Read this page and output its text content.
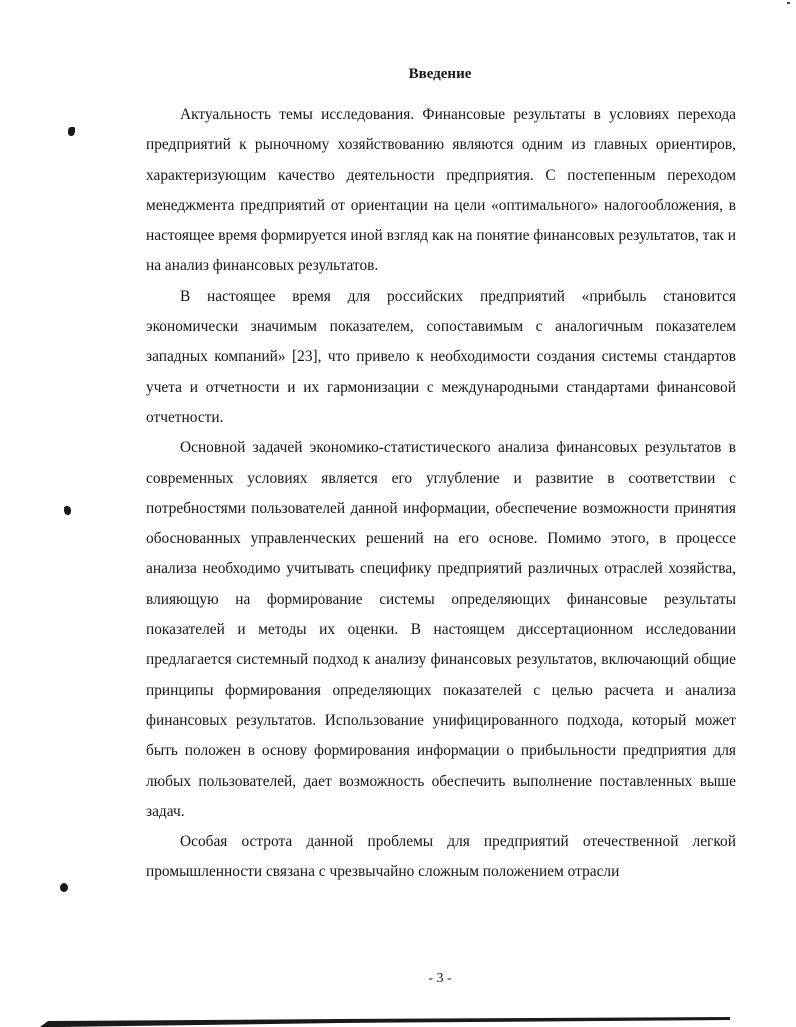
Введение

Актуальность темы исследования. Финансовые результаты в условиях перехода предприятий к рыночному хозяйствованию являются одним из главных ориентиров, характеризующим качество деятельности предприятия. С постепенным переходом менеджмента предприятий от ориентации на цели «оптимального» налогообложения, в настоящее время формируется иной взгляд как на понятие финансовых результатов, так и на анализ финансовых результатов.

В настоящее время для российских предприятий «прибыль становится экономически значимым показателем, сопоставимым с аналогичным показателем западных компаний» [23], что привело к необходимости создания системы стандартов учета и отчетности и их гармонизации с международными стандартами финансовой отчетности.

Основной задачей экономико-статистического анализа финансовых результатов в современных условиях является его углубление и развитие в соответствии с потребностями пользователей данной информации, обеспечение возможности принятия обоснованных управленческих решений на его основе. Помимо этого, в процессе анализа необходимо учитывать специфику предприятий различных отраслей хозяйства, влияющую на формирование системы определяющих финансовые результаты показателей и методы их оценки. В настоящем диссертационном исследовании предлагается системный подход к анализу финансовых результатов, включающий общие принципы формирования определяющих показателей с целью расчета и анализа финансовых результатов. Использование унифицированного подхода, который может быть положен в основу формирования информации о прибыльности предприятия для любых пользователей, дает возможность обеспечить выполнение поставленных выше задач.

Особая острота данной проблемы для предприятий отечественной легкой промышленности связана с чрезвычайно сложным положением отрасли

- 3 -
